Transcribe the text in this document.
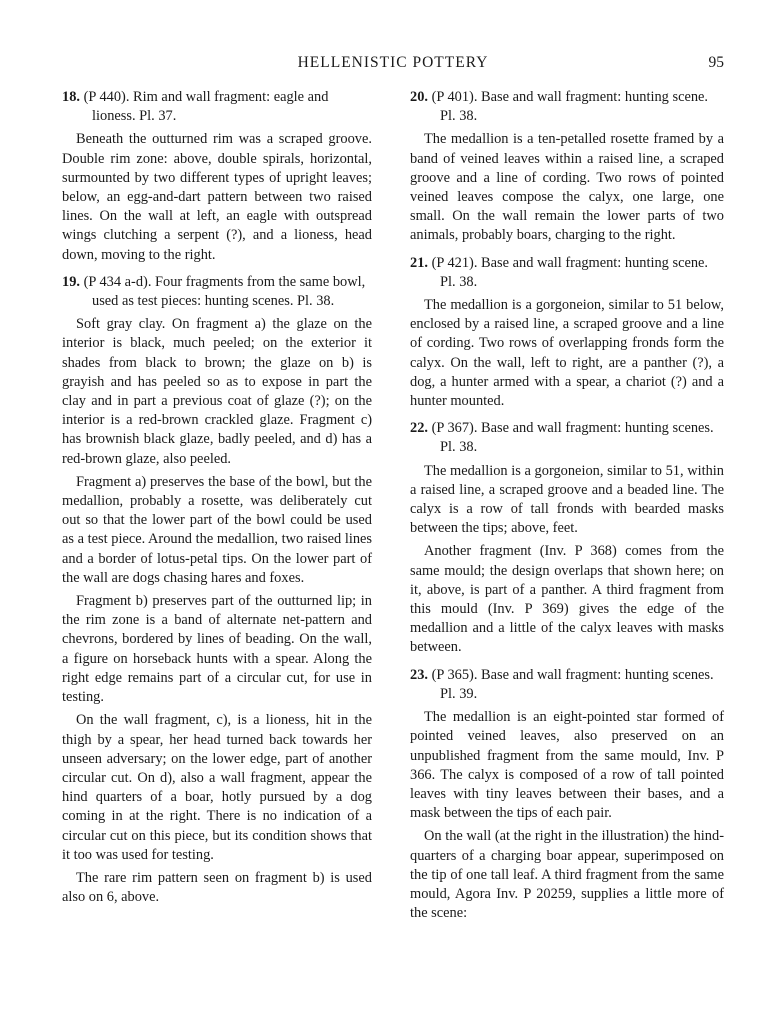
HELLENISTIC POTTERY	95

18. (P 440). Rim and wall fragment: eagle and lioness. Pl. 37.

Beneath the outturned rim was a scraped groove. Double rim zone: above, double spirals, horizontal, surmounted by two different types of upright leaves; below, an egg-and-dart pattern between two raised lines. On the wall at left, an eagle with outspread wings clutching a serpent (?), and a lioness, head down, moving to the right.

19. (P 434 a-d). Four fragments from the same bowl, used as test pieces: hunting scenes. Pl. 38.

Soft gray clay. On fragment a) the glaze on the interior is black, much peeled; on the exterior it shades from black to brown; the glaze on b) is grayish and has peeled so as to expose in part the clay and in part a previous coat of glaze (?); on the interior is a red-brown crackled glaze. Fragment c) has brownish black glaze, badly peeled, and d) has a red-brown glaze, also peeled.

Fragment a) preserves the base of the bowl, but the medallion, probably a rosette, was deliberately cut out so that the lower part of the bowl could be used as a test piece. Around the medallion, two raised lines and a border of lotus-petal tips. On the lower part of the wall are dogs chasing hares and foxes.

Fragment b) preserves part of the outturned lip; in the rim zone is a band of alternate net-pattern and chevrons, bordered by lines of beading. On the wall, a figure on horseback hunts with a spear. Along the right edge remains part of a circular cut, for use in testing.

On the wall fragment, c), is a lioness, hit in the thigh by a spear, her head turned back towards her unseen adversary; on the lower edge, part of another circular cut. On d), also a wall fragment, appear the hind quarters of a boar, hotly pursued by a dog coming in at the right. There is no indication of a circular cut on this piece, but its condition shows that it too was used for testing.

The rare rim pattern seen on fragment b) is used also on 6, above.

20. (P 401). Base and wall fragment: hunting scene. Pl. 38.

The medallion is a ten-petalled rosette framed by a band of veined leaves within a raised line, a scraped groove and a line of cording. Two rows of pointed veined leaves compose the calyx, one large, one small. On the wall remain the lower parts of two animals, probably boars, charging to the right.

21. (P 421). Base and wall fragment: hunting scene. Pl. 38.

The medallion is a gorgoneion, similar to 51 below, enclosed by a raised line, a scraped groove and a line of cording. Two rows of overlapping fronds form the calyx. On the wall, left to right, are a panther (?), a dog, a hunter armed with a spear, a chariot (?) and a hunter mounted.

22. (P 367). Base and wall fragment: hunting scenes. Pl. 38.

The medallion is a gorgoneion, similar to 51, within a raised line, a scraped groove and a beaded line. The calyx is a row of tall fronds with bearded masks between the tips; above, feet.

Another fragment (Inv. P 368) comes from the same mould; the design overlaps that shown here; on it, above, is part of a panther. A third fragment from this mould (Inv. P 369) gives the edge of the medallion and a little of the calyx leaves with masks between.

23. (P 365). Base and wall fragment: hunting scenes. Pl. 39.

The medallion is an eight-pointed star formed of pointed veined leaves, also preserved on an unpublished fragment from the same mould, Inv. P 366. The calyx is composed of a row of tall pointed leaves with tiny leaves between their bases, and a mask between the tips of each pair.

On the wall (at the right in the illustration) the hind-quarters of a charging boar appear, superimposed on the tip of one tall leaf. A third fragment from the same mould, Agora Inv. P 20259, supplies a little more of the scene:
